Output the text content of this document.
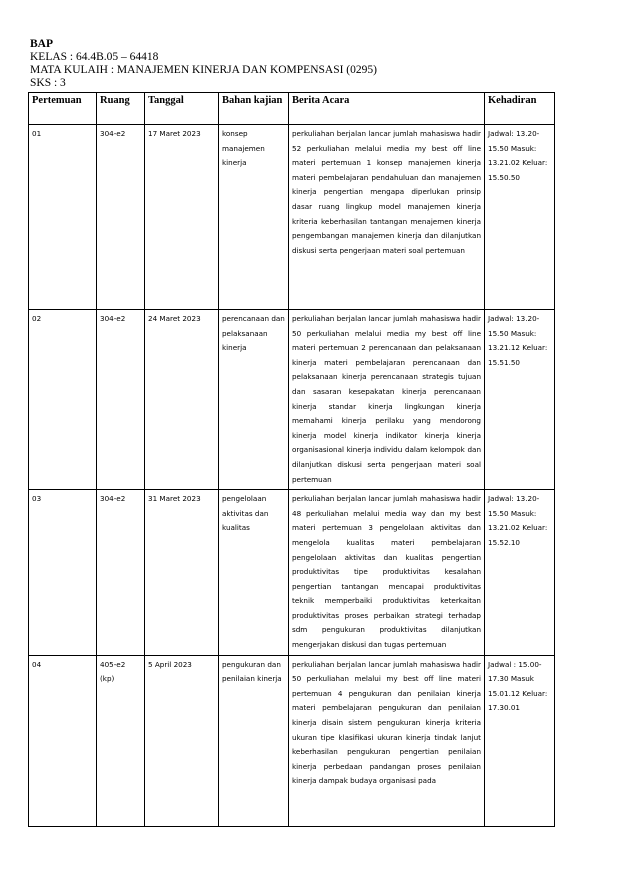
BAP
KELAS : 64.4B.05 – 64418
MATA KULAIH : MANAJEMEN KINERJA DAN KOMPENSASI (0295)
SKS : 3
Pertemuan	Ruang	Tanggal	Bahan kajian	Berita Acara	Kehadiran
01	304-e2	17 Maret 2023	konsep manajemen kinerja	perkuliahan berjalan lancar jumlah mahasiswa hadir 52 perkuliahan melalui media my best off line materi pertemuan 1 konsep manajemen kinerja materi pembelajaran pendahuluan dan manajemen kinerja pengertian mengapa diperlukan prinsip dasar ruang lingkup model manajemen kinerja kriteria keberhasilan tantangan menajemen kinerja pengembangan manajemen kinerja dan dilanjutkan diskusi serta pengerjaan materi soal pertemuan	Jadwal: 13.20-15.50 Masuk: 13.21.02 Keluar: 15.50.50
02	304-e2	24 Maret 2023	perencanaan dan pelaksanaan kinerja	perkuliahan berjalan lancar jumlah mahasiswa hadir 50 perkuliahan melalui media my best off line materi pertemuan 2 perencanaan dan pelaksanaan kinerja materi pembelajaran perencanaan dan pelaksanaan kinerja perencanaan strategis tujuan dan sasaran kesepakatan kinerja perencanaan kinerja standar kinerja lingkungan kinerja memahami kinerja perilaku yang mendorong kinerja model kinerja indikator kinerja kinerja organisasional kinerja individu dalam kelompok dan dilanjutkan diskusi serta pengerjaan materi soal pertemuan	Jadwal: 13.20-15.50 Masuk: 13.21.12 Keluar: 15.51.50
03	304-e2	31 Maret 2023	pengelolaan aktivitas dan kualitas	perkuliahan berjalan lancar jumlah mahasiswa hadir 48 perkuliahan melalui media way dan my best materi pertemuan 3 pengelolaan aktivitas dan mengelola kualitas materi pembelajaran pengelolaan aktivitas dan kualitas pengertian produktivitas tipe produktivitas kesalahan pengertian tantangan mencapai produktivitas teknik memperbaiki produktivitas keterkaitan produktivitas proses perbaikan strategi terhadap sdm pengukuran produktivitas dilanjutkan mengerjakan diskusi dan tugas pertemuan	Jadwal: 13.20-15.50 Masuk: 13.21.02 Keluar: 15.52.10
04	405-e2 (kp)	5 April 2023	pengukuran dan penilaian kinerja	perkuliahan berjalan lancar jumlah mahasiswa hadir 50 perkuliahan melalui my best off line materi pertemuan 4 pengukuran dan penilaian kinerja materi pembelajaran pengukuran dan penilaian kinerja disain sistem pengukuran kinerja kriteria ukuran tipe klasifikasi ukuran kinerja tindak lanjut keberhasilan pengukuran pengertian penilaian kinerja perbedaan pandangan proses penilaian kinerja dampak budaya organisasi pada	Jadwal : 15.00-17.30 Masuk 15.01.12 Keluar: 17.30.01
